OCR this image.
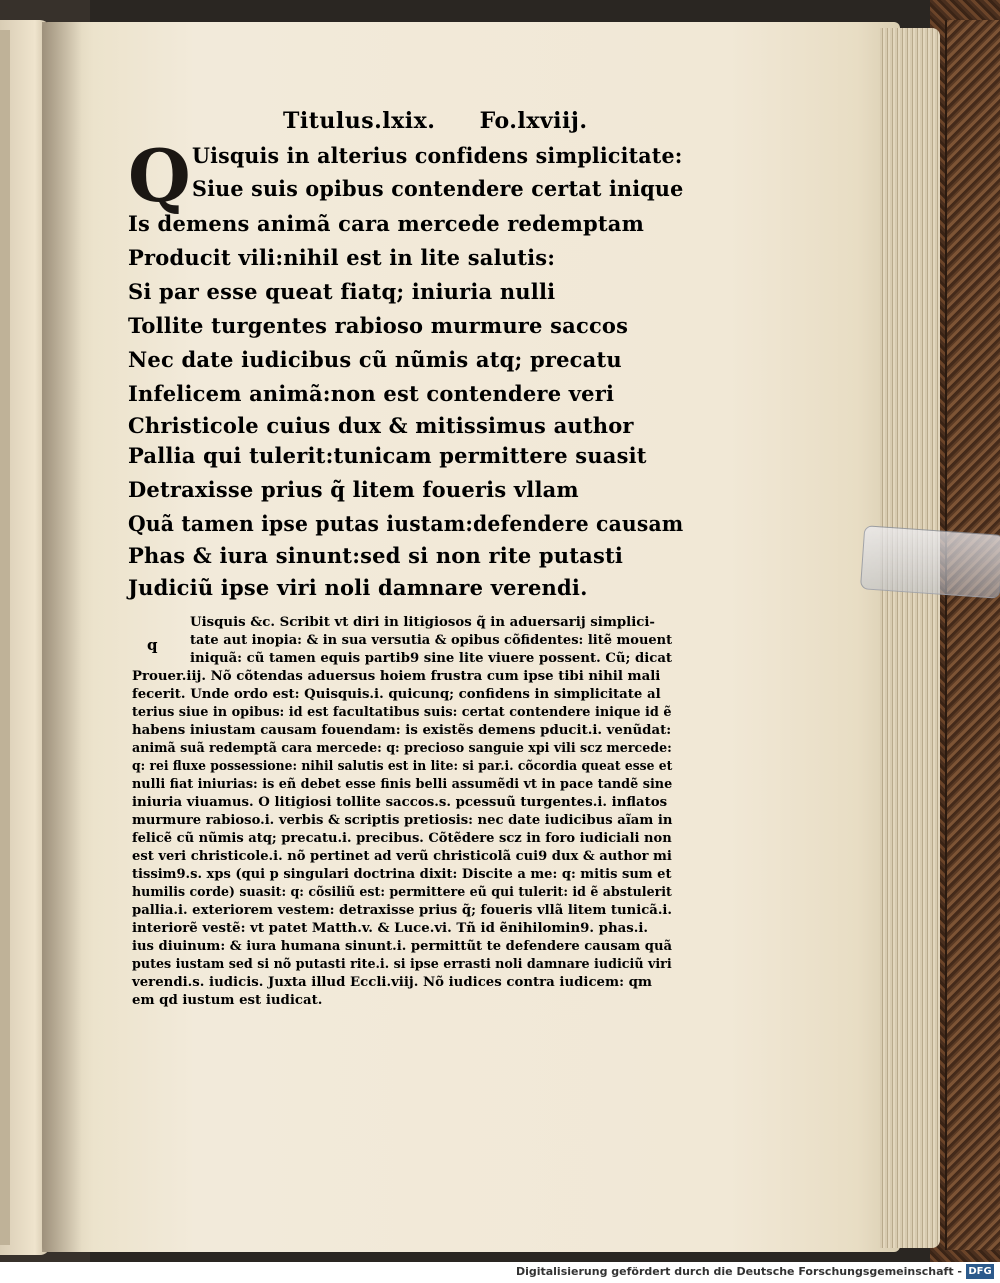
Titulus.lxix. Fo.lxviij.
Q Uisquis in alterius confidens simplicitate:
Siue suis opibus contendere certat inique
Is demens animã cara mercede redemptam
Producit vili:nihil est in lite salutis:
Si par esse queat fiatq; iniuria nulli
Tollite turgentes rabioso murmure saccos
Nec date iudicibus cũ nũmis atq; precatu
Infelicem animã:non est contendere veri
Christicole cuius dux & mitissimus author
Pallia qui tulerit:tunicam permittere suasit
Detraxisse prius q̃ litem foueris vllam
Quã tamen ipse putas iustam:defendere causam
Phas & iura sinunt:sed si non rite putasti
Judiciũ ipse viri noli damnare verendi.
q
Uisquis &c. Scribit vt diri in litigiosos q̃ in aduersarij simplici-
tate aut inopia: & in sua versutia & opibus cõfidentes: litẽ mouent
iniquã: cũ tamen equis partib9 sine lite viuere possent. Cũ; dicat
Prouer.iij. Nõ cõtendas aduersus hoiem frustra cum ipse tibi nihil mali
fecerit. Unde ordo est: Quisquis.i. quicunq; confidens in simplicitate al
terius siue in opibus: id est facultatibus suis: certat contendere inique id ẽ
habens iniustam causam fouendam: is existẽs demens pducit.i. venũdat:
animã suã redemptã cara mercede: q: precioso sanguie xpi vili scz mercede:
q: rei fluxe possessione: nihil salutis est in lite: si par.i. cõcordia queat esse et
nulli fiat iniurias: is eñ debet esse finis belli assumẽdi vt in pace tandẽ sine
iniuria viuamus. O litigiosi tollite saccos.s. pcessuũ turgentes.i. inflatos
murmure rabioso.i. verbis & scriptis pretiosis: nec date iudicibus aĩam in
felicẽ cũ nũmis atq; precatu.i. precibus. Cõtẽdere scz in foro iudiciali non
est veri christicole.i. nõ pertinet ad verũ christicolã cui9 dux & author mi
tissim9.s. xps (qui p singulari doctrina dixit: Discite a me: q: mitis sum et
humilis corde) suasit: q: cõsiliũ est: permittere eũ qui tulerit: id ẽ abstulerit
pallia.i. exteriorem vestem: detraxisse prius q̃; foueris vllã litem tunicã.i.
interiorẽ vestẽ: vt patet Matth.v. & Luce.vi. Tñ id ẽnihilomin9. phas.i.
ius diuinum: & iura humana sinunt.i. permittũt te defendere causam quã
putes iustam sed si nõ putasti rite.i. si ipse errasti noli damnare iudiciũ viri
verendi.s. iudicis. Juxta illud Eccli.viij. Nõ iudices contra iudicem: qm
em qd iustum est iudicat.
Digitalisierung gefördert durch die Deutsche Forschungsgemeinschaft - DFG
